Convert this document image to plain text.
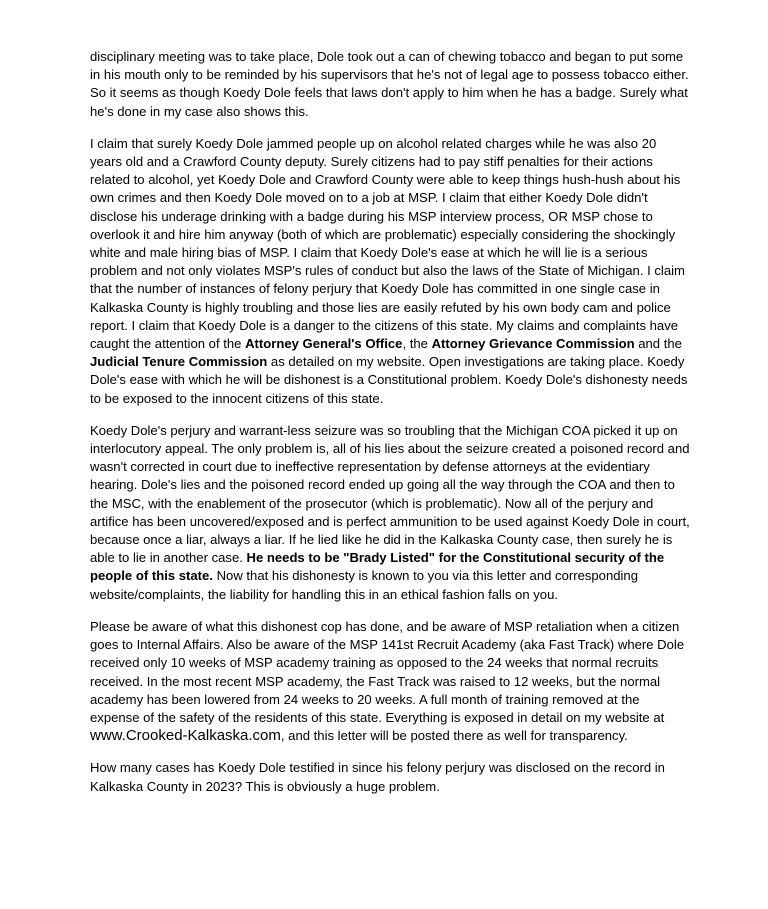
disciplinary meeting was to take place, Dole took out a can of chewing tobacco and began to put some in his mouth only to be reminded by his supervisors that he's not of legal age to possess tobacco either. So it seems as though Koedy Dole feels that laws don't apply to him when he has a badge. Surely what he's done in my case also shows this.

I claim that surely Koedy Dole jammed people up on alcohol related charges while he was also 20 years old and a Crawford County deputy. Surely citizens had to pay stiff penalties for their actions related to alcohol, yet Koedy Dole and Crawford County were able to keep things hush-hush about his own crimes and then Koedy Dole moved on to a job at MSP. I claim that either Koedy Dole didn't disclose his underage drinking with a badge during his MSP interview process, OR MSP chose to overlook it and hire him anyway (both of which are problematic) especially considering the shockingly white and male hiring bias of MSP. I claim that Koedy Dole's ease at which he will lie is a serious problem and not only violates MSP's rules of conduct but also the laws of the State of Michigan. I claim that the number of instances of felony perjury that Koedy Dole has committed in one single case in Kalkaska County is highly troubling and those lies are easily refuted by his own body cam and police report. I claim that Koedy Dole is a danger to the citizens of this state. My claims and complaints have caught the attention of the Attorney General's Office, the Attorney Grievance Commission and the Judicial Tenure Commission as detailed on my website. Open investigations are taking place. Koedy Dole's ease with which he will be dishonest is a Constitutional problem. Koedy Dole's dishonesty needs to be exposed to the innocent citizens of this state.

Koedy Dole's perjury and warrant-less seizure was so troubling that the Michigan COA picked it up on interlocutory appeal. The only problem is, all of his lies about the seizure created a poisoned record and wasn't corrected in court due to ineffective representation by defense attorneys at the evidentiary hearing. Dole's lies and the poisoned record ended up going all the way through the COA and then to the MSC, with the enablement of the prosecutor (which is problematic). Now all of the perjury and artifice has been uncovered/exposed and is perfect ammunition to be used against Koedy Dole in court, because once a liar, always a liar. If he lied like he did in the Kalkaska County case, then surely he is able to lie in another case. He needs to be "Brady Listed" for the Constitutional security of the people of this state. Now that his dishonesty is known to you via this letter and corresponding website/complaints, the liability for handling this in an ethical fashion falls on you.

Please be aware of what this dishonest cop has done, and be aware of MSP retaliation when a citizen goes to Internal Affairs. Also be aware of the MSP 141st Recruit Academy (aka Fast Track) where Dole received only 10 weeks of MSP academy training as opposed to the 24 weeks that normal recruits received. In the most recent MSP academy, the Fast Track was raised to 12 weeks, but the normal academy has been lowered from 24 weeks to 20 weeks. A full month of training removed at the expense of the safety of the residents of this state. Everything is exposed in detail on my website at www.Crooked-Kalkaska.com, and this letter will be posted there as well for transparency.

How many cases has Koedy Dole testified in since his felony perjury was disclosed on the record in Kalkaska County in 2023? This is obviously a huge problem.
